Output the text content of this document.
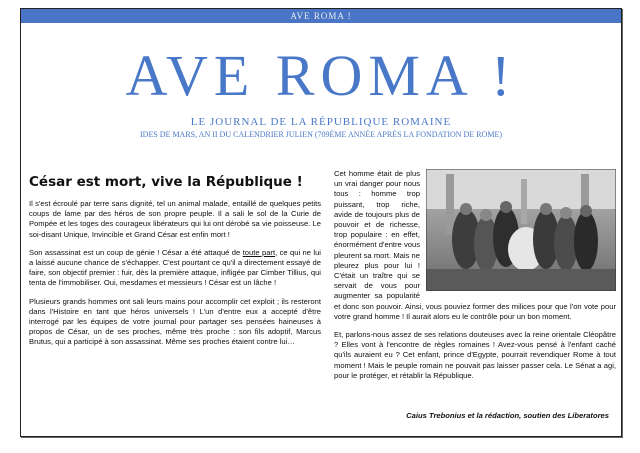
AVE ROMA !
AVE ROMA !
LE JOURNAL DE LA RÉPUBLIQUE ROMAINE
IDES DE MARS, AN II DU CALENDRIER JULIEN (709ÈME ANNÉE APRÈS LA FONDATION DE ROME)
César est mort, vive la République !

Il s'est écroulé par terre sans dignité, tel un animal malade, entaillé de quelques petits coups de lame par des héros de son propre peuple. Il a sali le sol de la Curie de Pompée et les toges des courageux libérateurs qui lui ont dérobé sa vie poisseuse. Le soi-disant Unique, Invincible et Grand César est enfin mort !

Son assassinat est un coup de génie ! César a été attaqué de toute part, ce qui ne lui a laissé aucune chance de s'échapper. C'est pourtant ce qu'il a directement essayé de faire, son objectif premier : fuir, dès la première attaque, infligée par Cimber Tillius, qui tenta de l'immobiliser. Oui, mesdames et messieurs ! César est un lâche !

Plusieurs grands hommes ont sali leurs mains pour accomplir cet exploit ; ils resteront dans l'Histoire en tant que héros universels ! L'un d'entre eux a accepté d'être interrogé par les équipes de votre journal pour partager ses pensées haineuses à propos de César, un de ses proches, même très proche : son fils adoptif, Marcus Brutus, qui a participé à son assassinat. Même ses proches étaient contre lui…

Cet homme était de plus un vrai danger pour nous tous : homme trop puissant, trop riche, avide de toujours plus de pouvoir et de richesse, trop populaire : en effet, énormément d'entre vous pleurent sa mort. Mais ne pleurez plus pour lui ! C'était un traître qui se servait de vous pour augmenter sa popularité et donc son pouvoir. Ainsi, vous pouviez former des milices pour que l'on vote pour votre grand homme ! Il aurait alors eu le contrôle pour un bon moment.

Et, parlons-nous assez de ses relations douteuses avec la reine orientale Cléopâtre ? Elles vont à l'encontre de règles romaines ! Avez-vous pensé à l'enfant caché qu'ils auraient eu ? Cet enfant, prince d'Egypte, pourrait revendiquer Rome à tout moment ! Mais le peuple romain ne pouvait pas laisser passer cela. Le Sénat a agi, pour le protéger, et rétablir la République.

Caius Trebonius et la rédaction, soutien des Liberatores
